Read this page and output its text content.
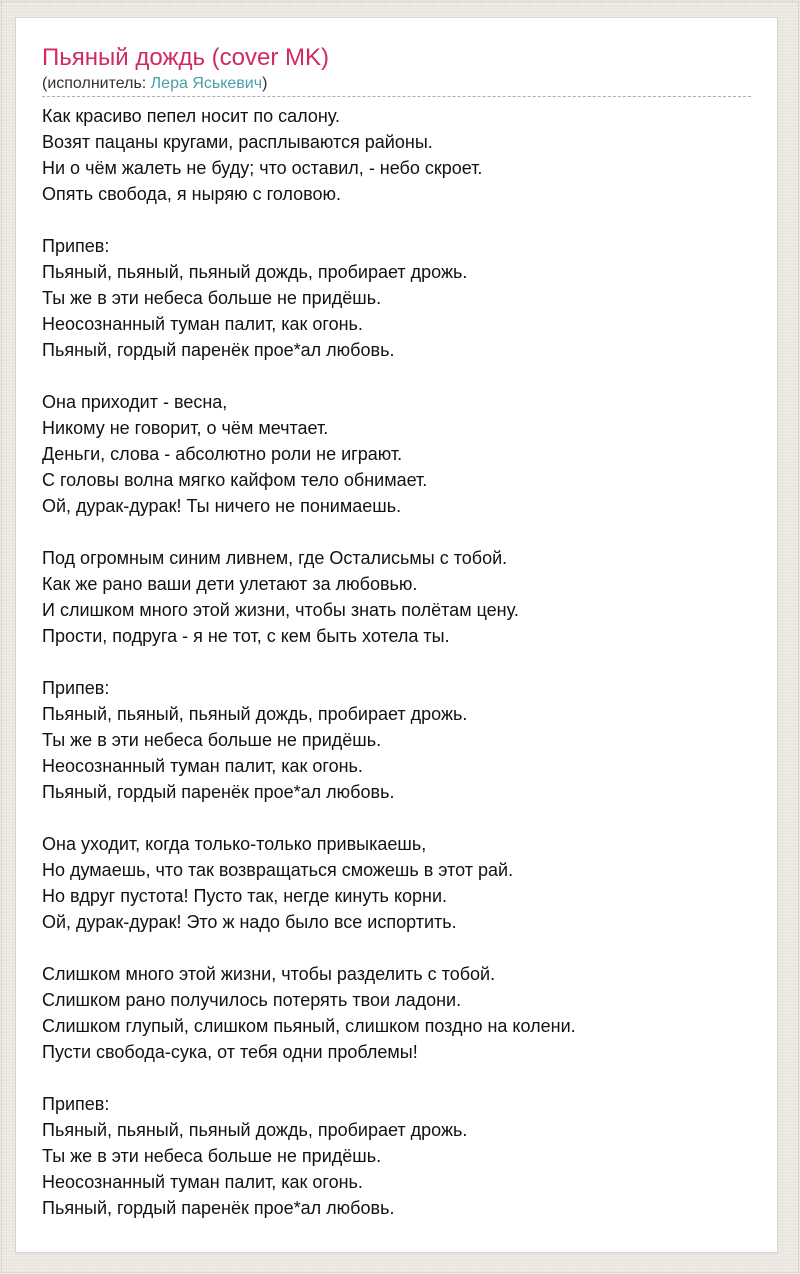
Пьяный дождь (cover MK)
(исполнитель: Лера Яськевич)
Как красиво пепел носит по салону.
Возят пацаны кругами, расплываются районы.
Ни о чём жалеть не буду; что оставил, - небо скроет.
Опять свобода, я ныряю с головою.
Припев:
Пьяный, пьяный, пьяный дождь, пробирает дрожь.
Ты же в эти небеса больше не придёшь.
Неосознанный туман палит, как огонь.
Пьяный, гордый паренёк прое*ал любовь.
Она приходит - весна,
Никому не говорит, о чём мечтает.
Деньги, слова - абсолютно роли не играют.
С головы волна мягко кайфом тело обнимает.
Ой, дурак-дурак! Ты ничего не понимаешь.
Под огромным синим ливнем, где Осталисьмы с тобой.
Как же рано ваши дети улетают за любовью.
И слишком много этой жизни, чтобы знать полётам цену.
Прости, подруга - я не тот, с кем быть хотела ты.
Припев:
Пьяный, пьяный, пьяный дождь, пробирает дрожь.
Ты же в эти небеса больше не придёшь.
Неосознанный туман палит, как огонь.
Пьяный, гордый паренёк прое*ал любовь.
Она уходит, когда только-только привыкаешь,
Но думаешь, что так возвращаться сможешь в этот рай.
Но вдруг пустота! Пусто так, негде кинуть корни.
Ой, дурак-дурак! Это ж надо было все испортить.
Слишком много этой жизни, чтобы разделить с тобой.
Слишком рано получилось потерять твои ладони.
Слишком глупый, слишком пьяный, слишком поздно на колени.
Пусти свобода-сука, от тебя одни проблемы!
Припев:
Пьяный, пьяный, пьяный дождь, пробирает дрожь.
Ты же в эти небеса больше не придёшь.
Неосознанный туман палит, как огонь.
Пьяный, гордый паренёк прое*ал любовь.
